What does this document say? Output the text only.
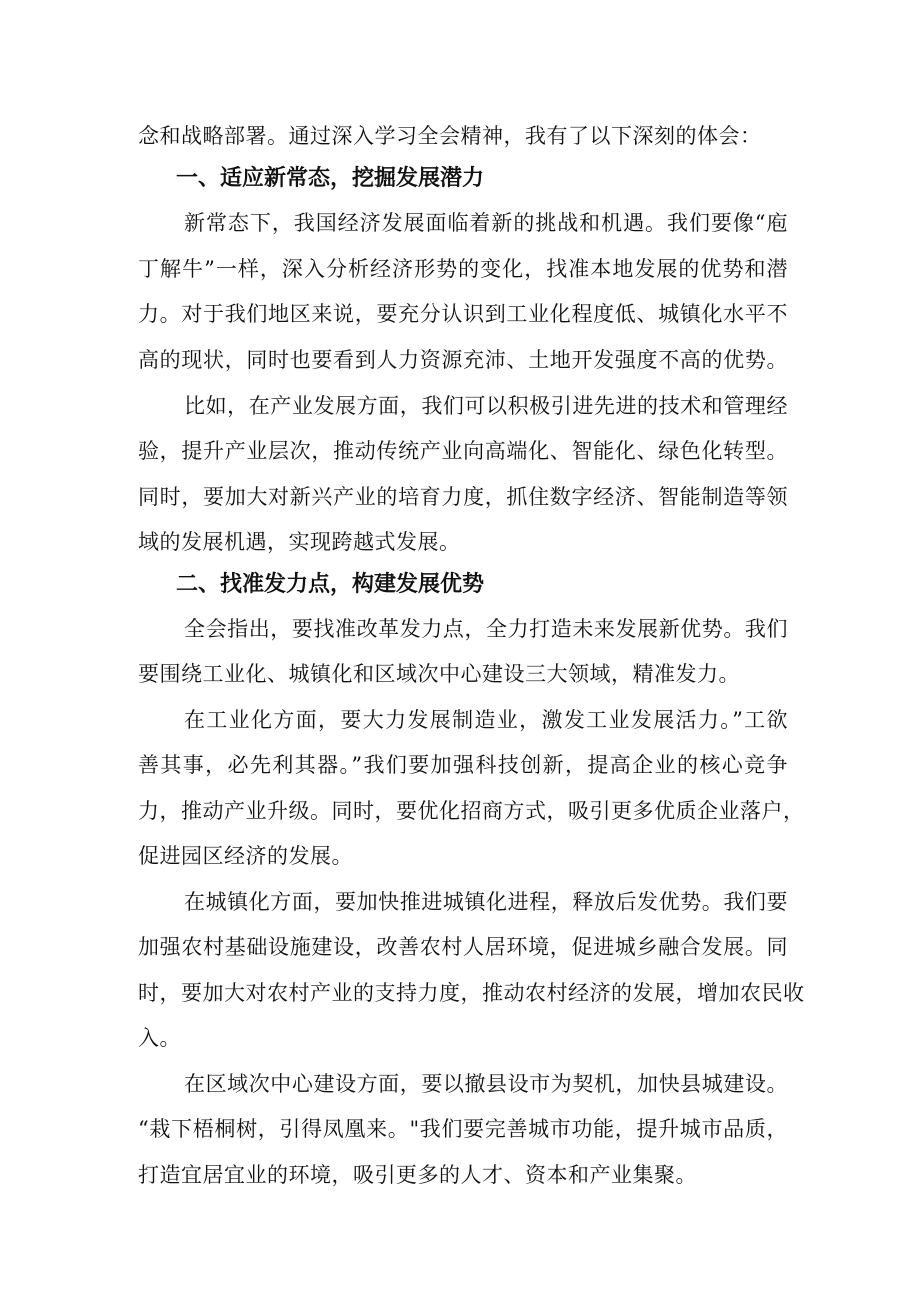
念和战略部署。通过深入学习全会精神，我有了以下深刻的体会：
一、适应新常态，挖掘发展潜力
新常态下，我国经济发展面临着新的挑战和机遇。我们要像“庖
丁解牛”一样，深入分析经济形势的变化，找准本地发展的优势和潜
力。对于我们地区来说，要充分认识到工业化程度低、城镇化水平不
高的现状，同时也要看到人力资源充沛、土地开发强度不高的优势。
比如，在产业发展方面，我们可以积极引进先进的技术和管理经
验，提升产业层次，推动传统产业向高端化、智能化、绿色化转型。
同时，要加大对新兴产业的培育力度，抓住数字经济、智能制造等领
域的发展机遇，实现跨越式发展。
二、找准发力点，构建发展优势
全会指出，要找准改革发力点，全力打造未来发展新优势。我们
要围绕工业化、城镇化和区域次中心建设三大领域，精准发力。
在工业化方面，要大力发展制造业，激发工业发展活力。”工欲
善其事，必先利其器。”我们要加强科技创新，提高企业的核心竞争
力，推动产业升级。同时，要优化招商方式，吸引更多优质企业落户，
促进园区经济的发展。
在城镇化方面，要加快推进城镇化进程，释放后发优势。我们要
加强农村基础设施建设，改善农村人居环境，促进城乡融合发展。同
时，要加大对农村产业的支持力度，推动农村经济的发展，增加农民收
入。
在区域次中心建设方面，要以撤县设市为契机，加快县城建设。
“栽下梧桐树，引得凤凰来。"我们要完善城市功能，提升城市品质，
打造宜居宜业的环境，吸引更多的人才、资本和产业集聚。
